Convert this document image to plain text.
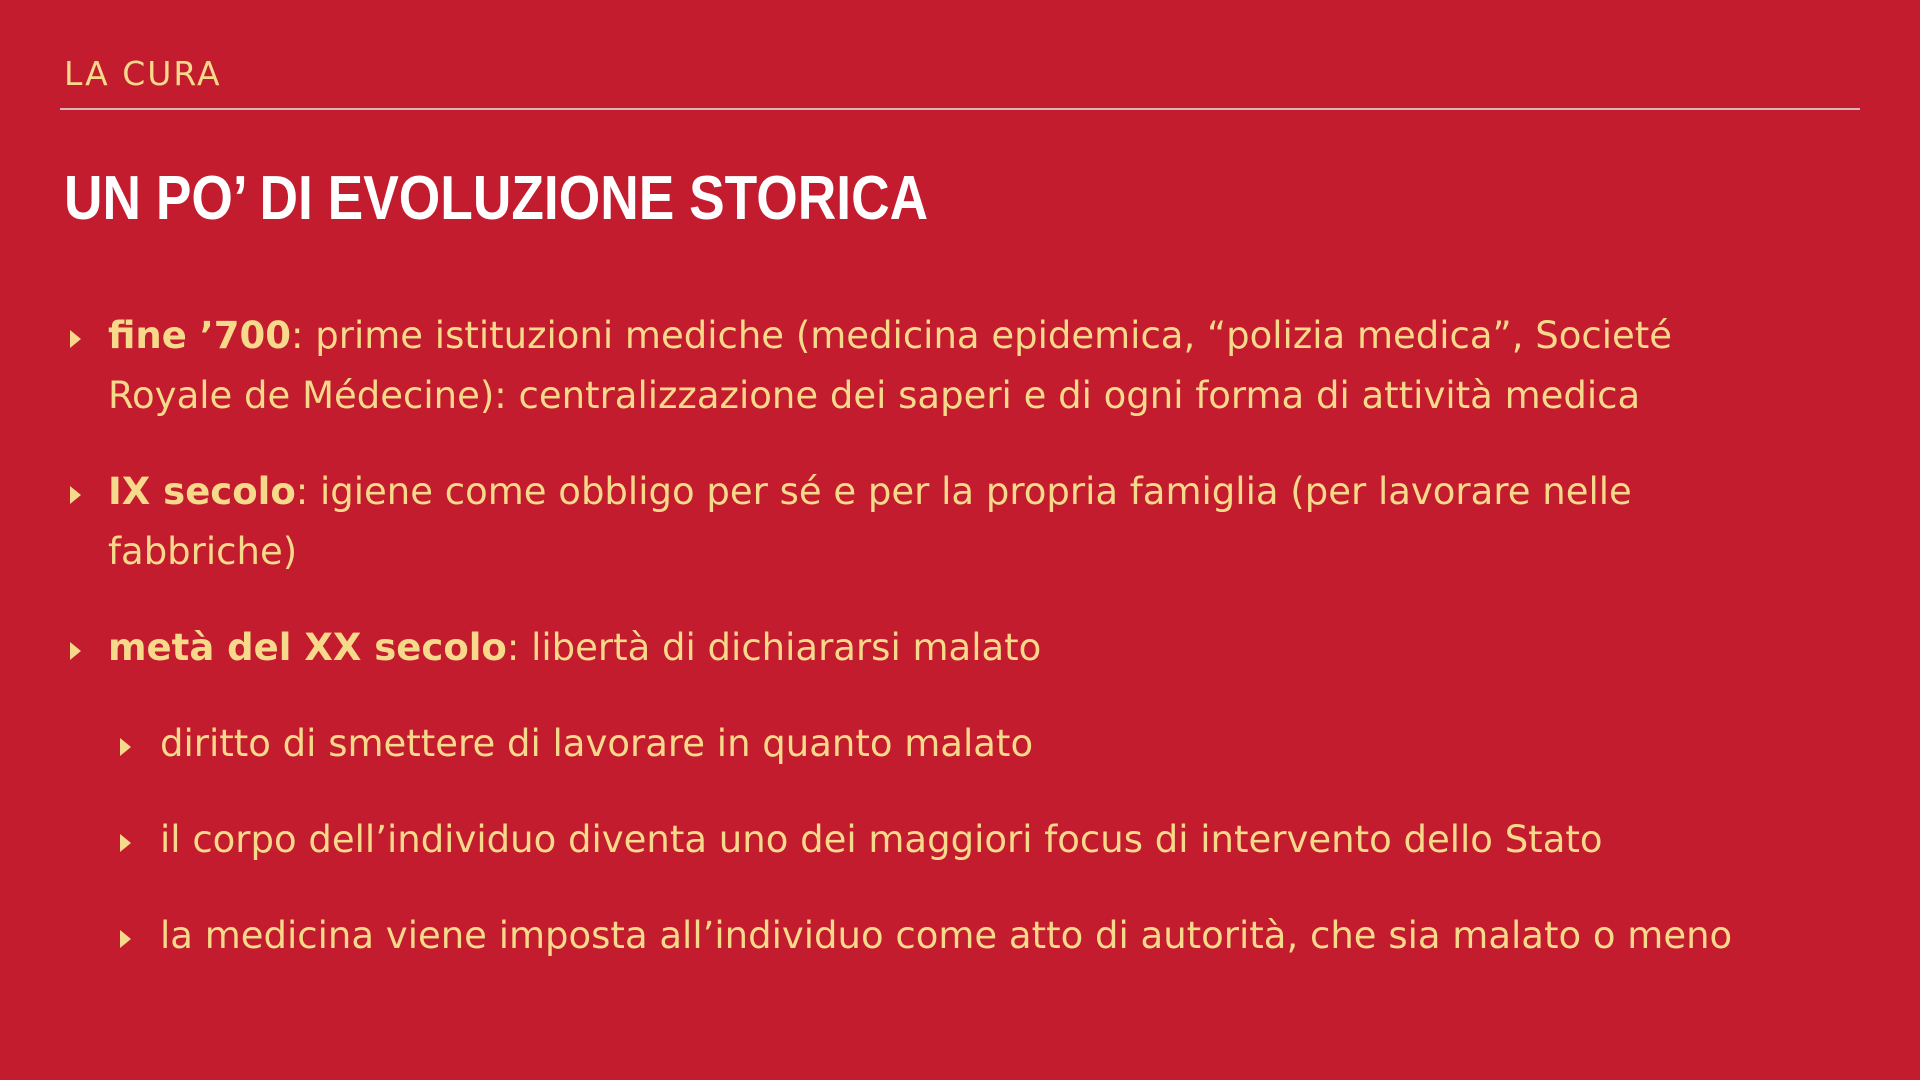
LA CURA
UN PO’ DI EVOLUZIONE STORICA
fine ’700: prime istituzioni mediche (medicina epidemica, “polizia medica”, Societé Royale de Médecine): centralizzazione dei saperi e di ogni forma di attività medica
IX secolo: igiene come obbligo per sé e per la propria famiglia (per lavorare nelle fabbriche)
metà del XX secolo: libertà di dichiararsi malato
diritto di smettere di lavorare in quanto malato
il corpo dell’individuo diventa uno dei maggiori focus di intervento dello Stato
la medicina viene imposta all’individuo come atto di autorità, che sia malato o meno
